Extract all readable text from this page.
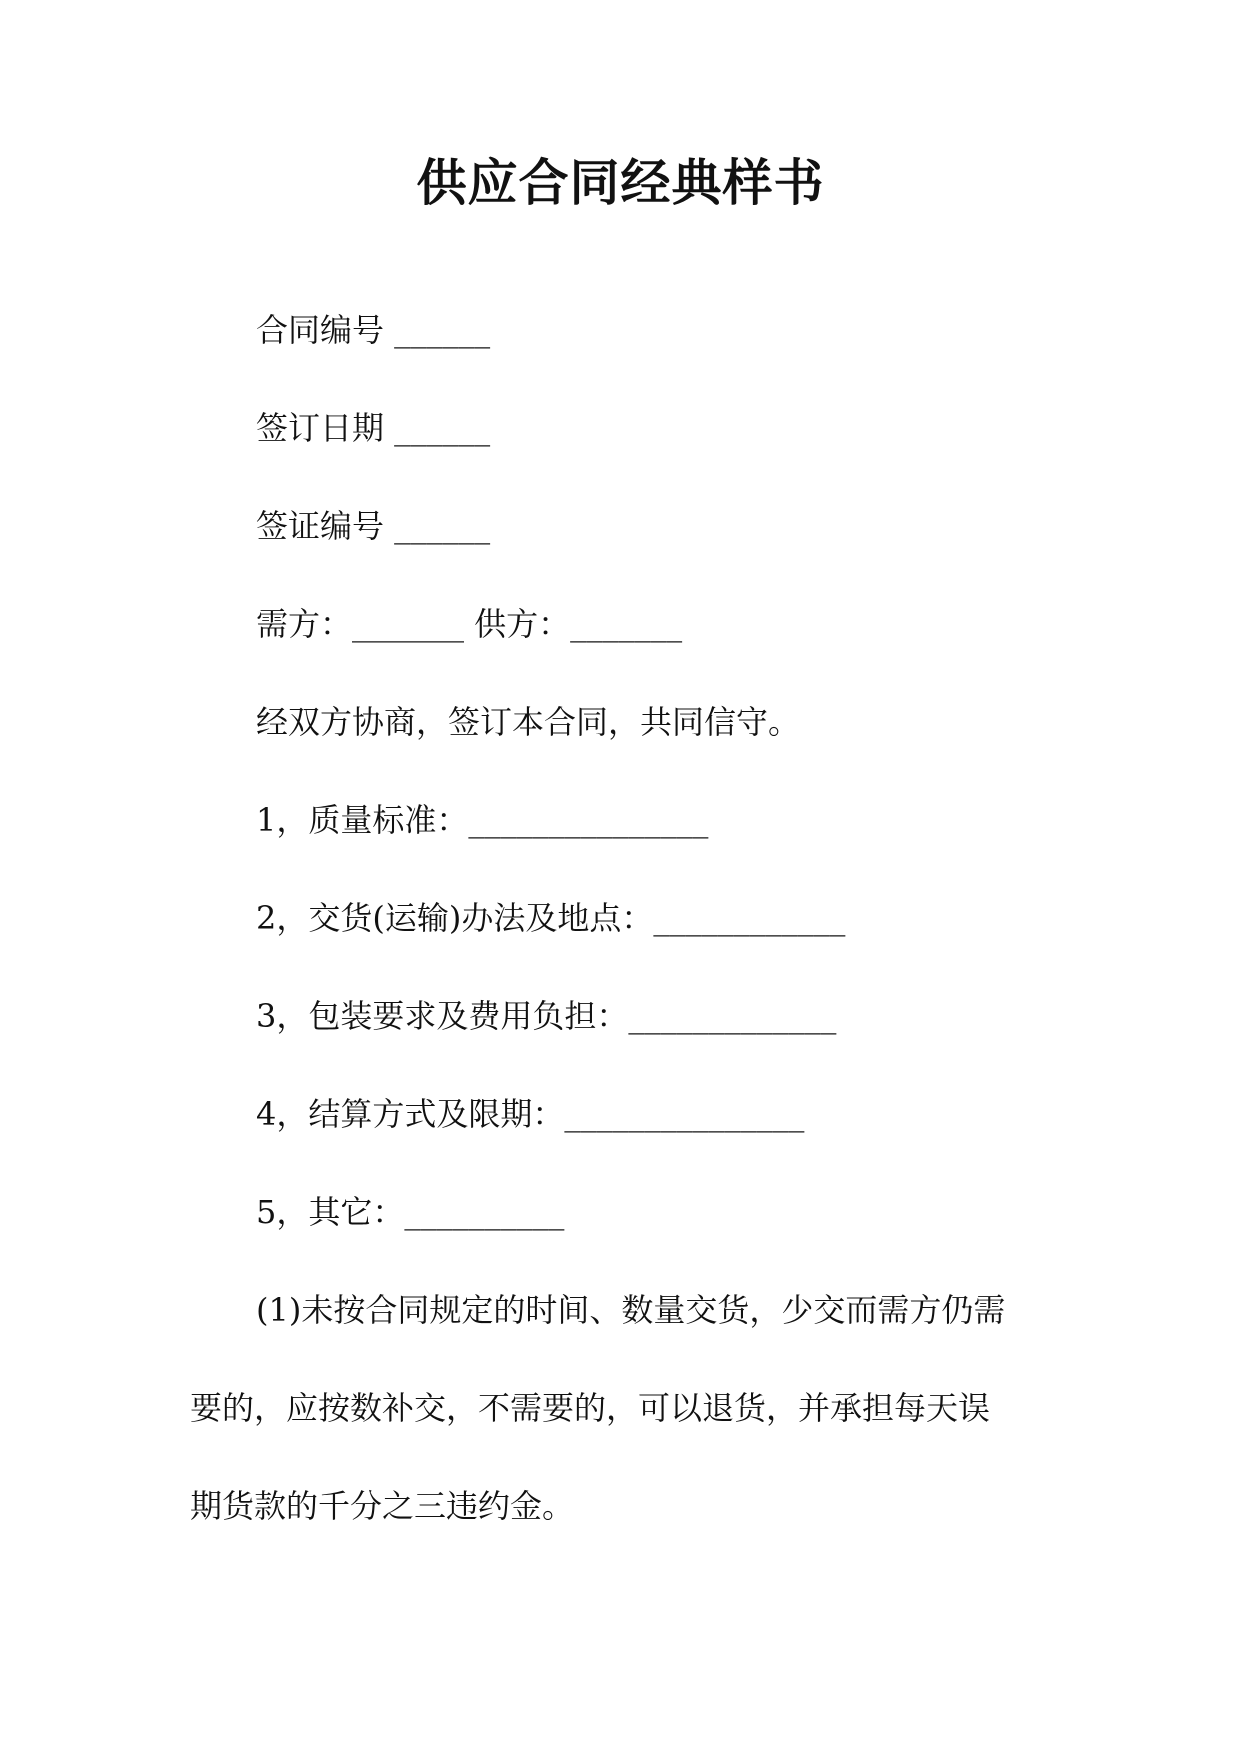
供应合同经典样书

合同编号 ______

签订日期 ______

签证编号 ______

需方：_______ 供方：_______

经双方协商，签订本合同，共同信守。

1，质量标准：_______________

2，交货(运输)办法及地点：____________

3，包装要求及费用负担：_____________

4，结算方式及限期：_______________

5，其它：__________

(1)未按合同规定的时间、数量交货，少交而需方仍需
要的，应按数补交，不需要的，可以退货，并承担每天误
期货款的千分之三违约金。
